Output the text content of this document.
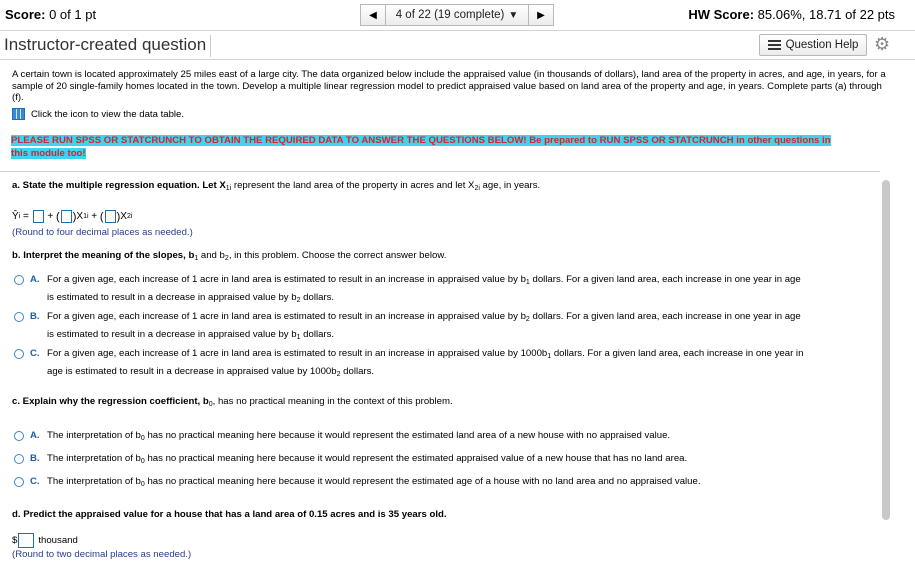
Score: 0 of 1 pt	◀ 4 of 22 (19 complete) ▼ ▶	HW Score: 85.06%, 18.71 of 22 pts
Instructor-created question	Question Help ⚙
A certain town is located approximately 25 miles east of a large city. The data organized below include the appraised value (in thousands of dollars), land area of the property in acres, and age, in years, for a sample of 20 single-family homes located in the town. Develop a multiple linear regression model to predict appraised value based on land area of the property and age, in years. Complete parts (a) through (f).
Click the icon to view the data table.
PLEASE RUN SPSS OR STATCRUNCH TO OBTAIN THE REQUIRED DATA TO ANSWER THE QUESTIONS BELOW! Be prepared to RUN SPSS OR STATCRUNCH in other questions in this module too!
a. State the multiple regression equation. Let $X_{1i}$ represent the land area of the property in acres and let $X_{2i}$ age, in years.
Ŷ i
=

+
( ) X 1i
+
( ) X 2i
(Round to four decimal places as needed.)
b. Interpret the meaning of the slopes, $b_1$ and $b_2$, in this problem. Choose the correct answer below.
A. For a given age, each increase of 1 acre in land area is estimated to result in an increase in appraised value by $b_1$ dollars. For a given land area, each increase in one year in age
is estimated to result in a decrease in appraised value by $b_2$ dollars.
B. For a given age, each increase of 1 acre in land area is estimated to result in an increase in appraised value by $b_2$ dollars. For a given land area, each increase in one year in age
is estimated to result in a decrease in appraised value by $b_1$ dollars.
C. For a given age, each increase of 1 acre in land area is estimated to result in an increase in appraised value by $1000b_1$ dollars. For a given land area, each increase in one year in
age is estimated to result in a decrease in appraised value by $1000b_2$ dollars.
c. Explain why the regression coefficient, $b_0$, has no practical meaning in the context of this problem.
A. The interpretation of $b_0$ has no practical meaning here because it would represent the estimated land area of a new house with no appraised value.
B. The interpretation of $b_0$ has no practical meaning here because it would represent the estimated appraised value of a new house that has no land area.
C. The interpretation of $b_0$ has no practical meaning here because it would represent the estimated age of a house with no land area and no appraised value.
d. Predict the appraised value for a house that has a land area of 0.15 acres and is 35 years old.
$ thousand
(Round to two decimal places as needed.)
